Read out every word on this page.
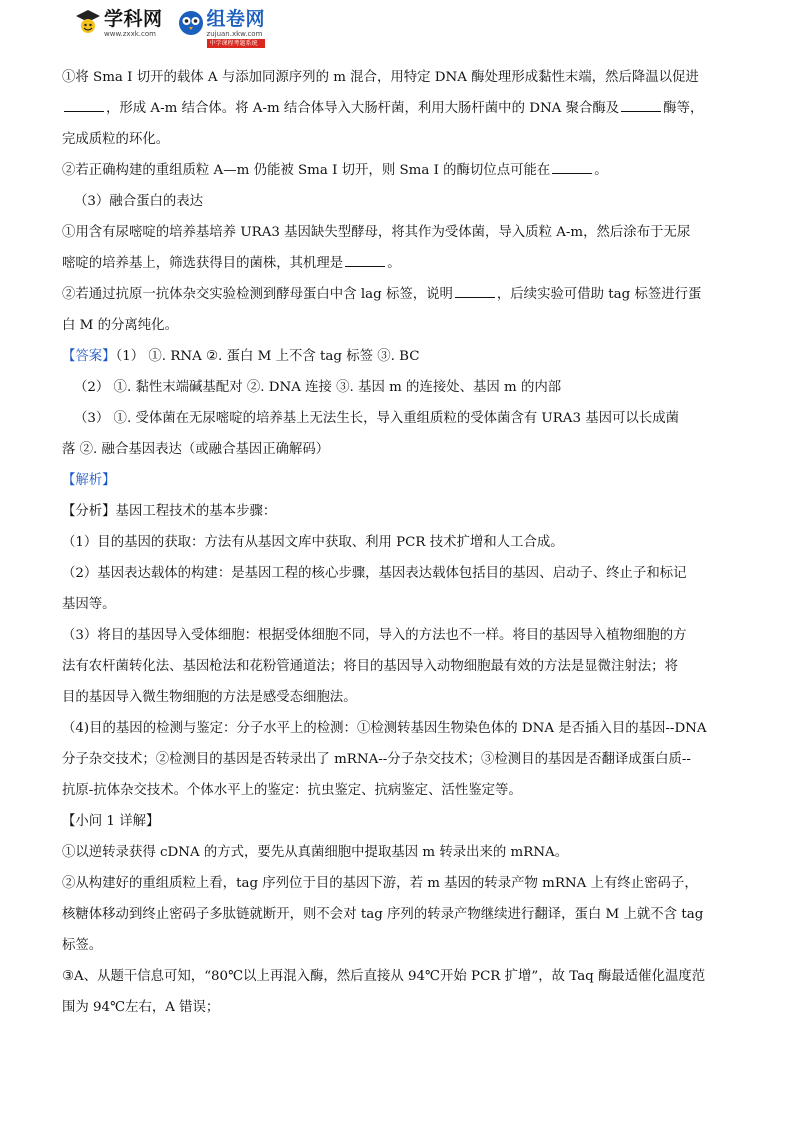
学科网
www.zxxk.com
组卷网
zujuan.xkw.com
中学课程考题系统

①将 Sma I 切开的载体 A 与添加同源序列的 m 混合，用特定 DNA 酶处理形成黏性末端，然后降温以促进

，形成 A-m 结合体。将 A-m 结合体导入大肠杆菌，利用大肠杆菌中的 DNA 聚合酶及	酶等，

完成质粒的环化。

②若正确构建的重组质粒 A—m 仍能被 Sma I 切开，则 Sma I 的酶切位点可能在	。

（3）融合蛋白的表达

①用含有尿嘧啶的培养基培养 URA3 基因缺失型酵母，将其作为受体菌，导入质粒 A-m，然后涂布于无尿

嘧啶的培养基上，筛选获得目的菌株，其机理是	。

②若通过抗原一抗体杂交实验检测到酵母蛋白中含 lag 标签，说明	，后续实验可借助 tag 标签进行蛋

白 M 的分离纯化。

【答案】（1） ①. RNA ②. 蛋白 M 上不含 tag 标签 ③. BC

（2） ①. 黏性末端碱基配对 ②. DNA 连接 ③. 基因 m 的连接处、基因 m 的内部

（3） ①. 受体菌在无尿嘧啶的培养基上无法生长，导入重组质粒的受体菌含有 URA3 基因可以长成菌

落 ②. 融合基因表达（或融合基因正确解码）

【解析】

【分析】基因工程技术的基本步骤：

（1）目的基因的获取：方法有从基因文库中获取、利用 PCR 技术扩增和人工合成。

（2）基因表达载体的构建：是基因工程的核心步骤，基因表达载体包括目的基因、启动子、终止子和标记

基因等。

（3）将目的基因导入受体细胞：根据受体细胞不同，导入的方法也不一样。将目的基因导入植物细胞的方

法有农杆菌转化法、基因枪法和花粉管通道法；将目的基因导入动物细胞最有效的方法是显微注射法；将

目的基因导入微生物细胞的方法是感受态细胞法。

（4)目的基因的检测与鉴定：分子水平上的检测：①检测转基因生物染色体的 DNA 是否插入目的基因--DNA

分子杂交技术；②检测目的基因是否转录出了 mRNA--分子杂交技术；③检测目的基因是否翻译成蛋白质--

抗原-抗体杂交技术。个体水平上的鉴定：抗虫鉴定、抗病鉴定、活性鉴定等。

【小问 1 详解】

①以逆转录获得 cDNA 的方式，要先从真菌细胞中提取基因 m 转录出来的 mRNA。

②从构建好的重组质粒上看，tag 序列位于目的基因下游，若 m 基因的转录产物 mRNA 上有终止密码子，

核糖体移动到终止密码子多肽链就断开，则不会对 tag 序列的转录产物继续进行翻译，蛋白 M 上就不含 tag

标签。

③A、从题干信息可知，“80℃以上再混入酶，然后直接从 94℃开始 PCR 扩增”，故 Taq 酶最适催化温度范

围为 94℃左右，A 错误；
